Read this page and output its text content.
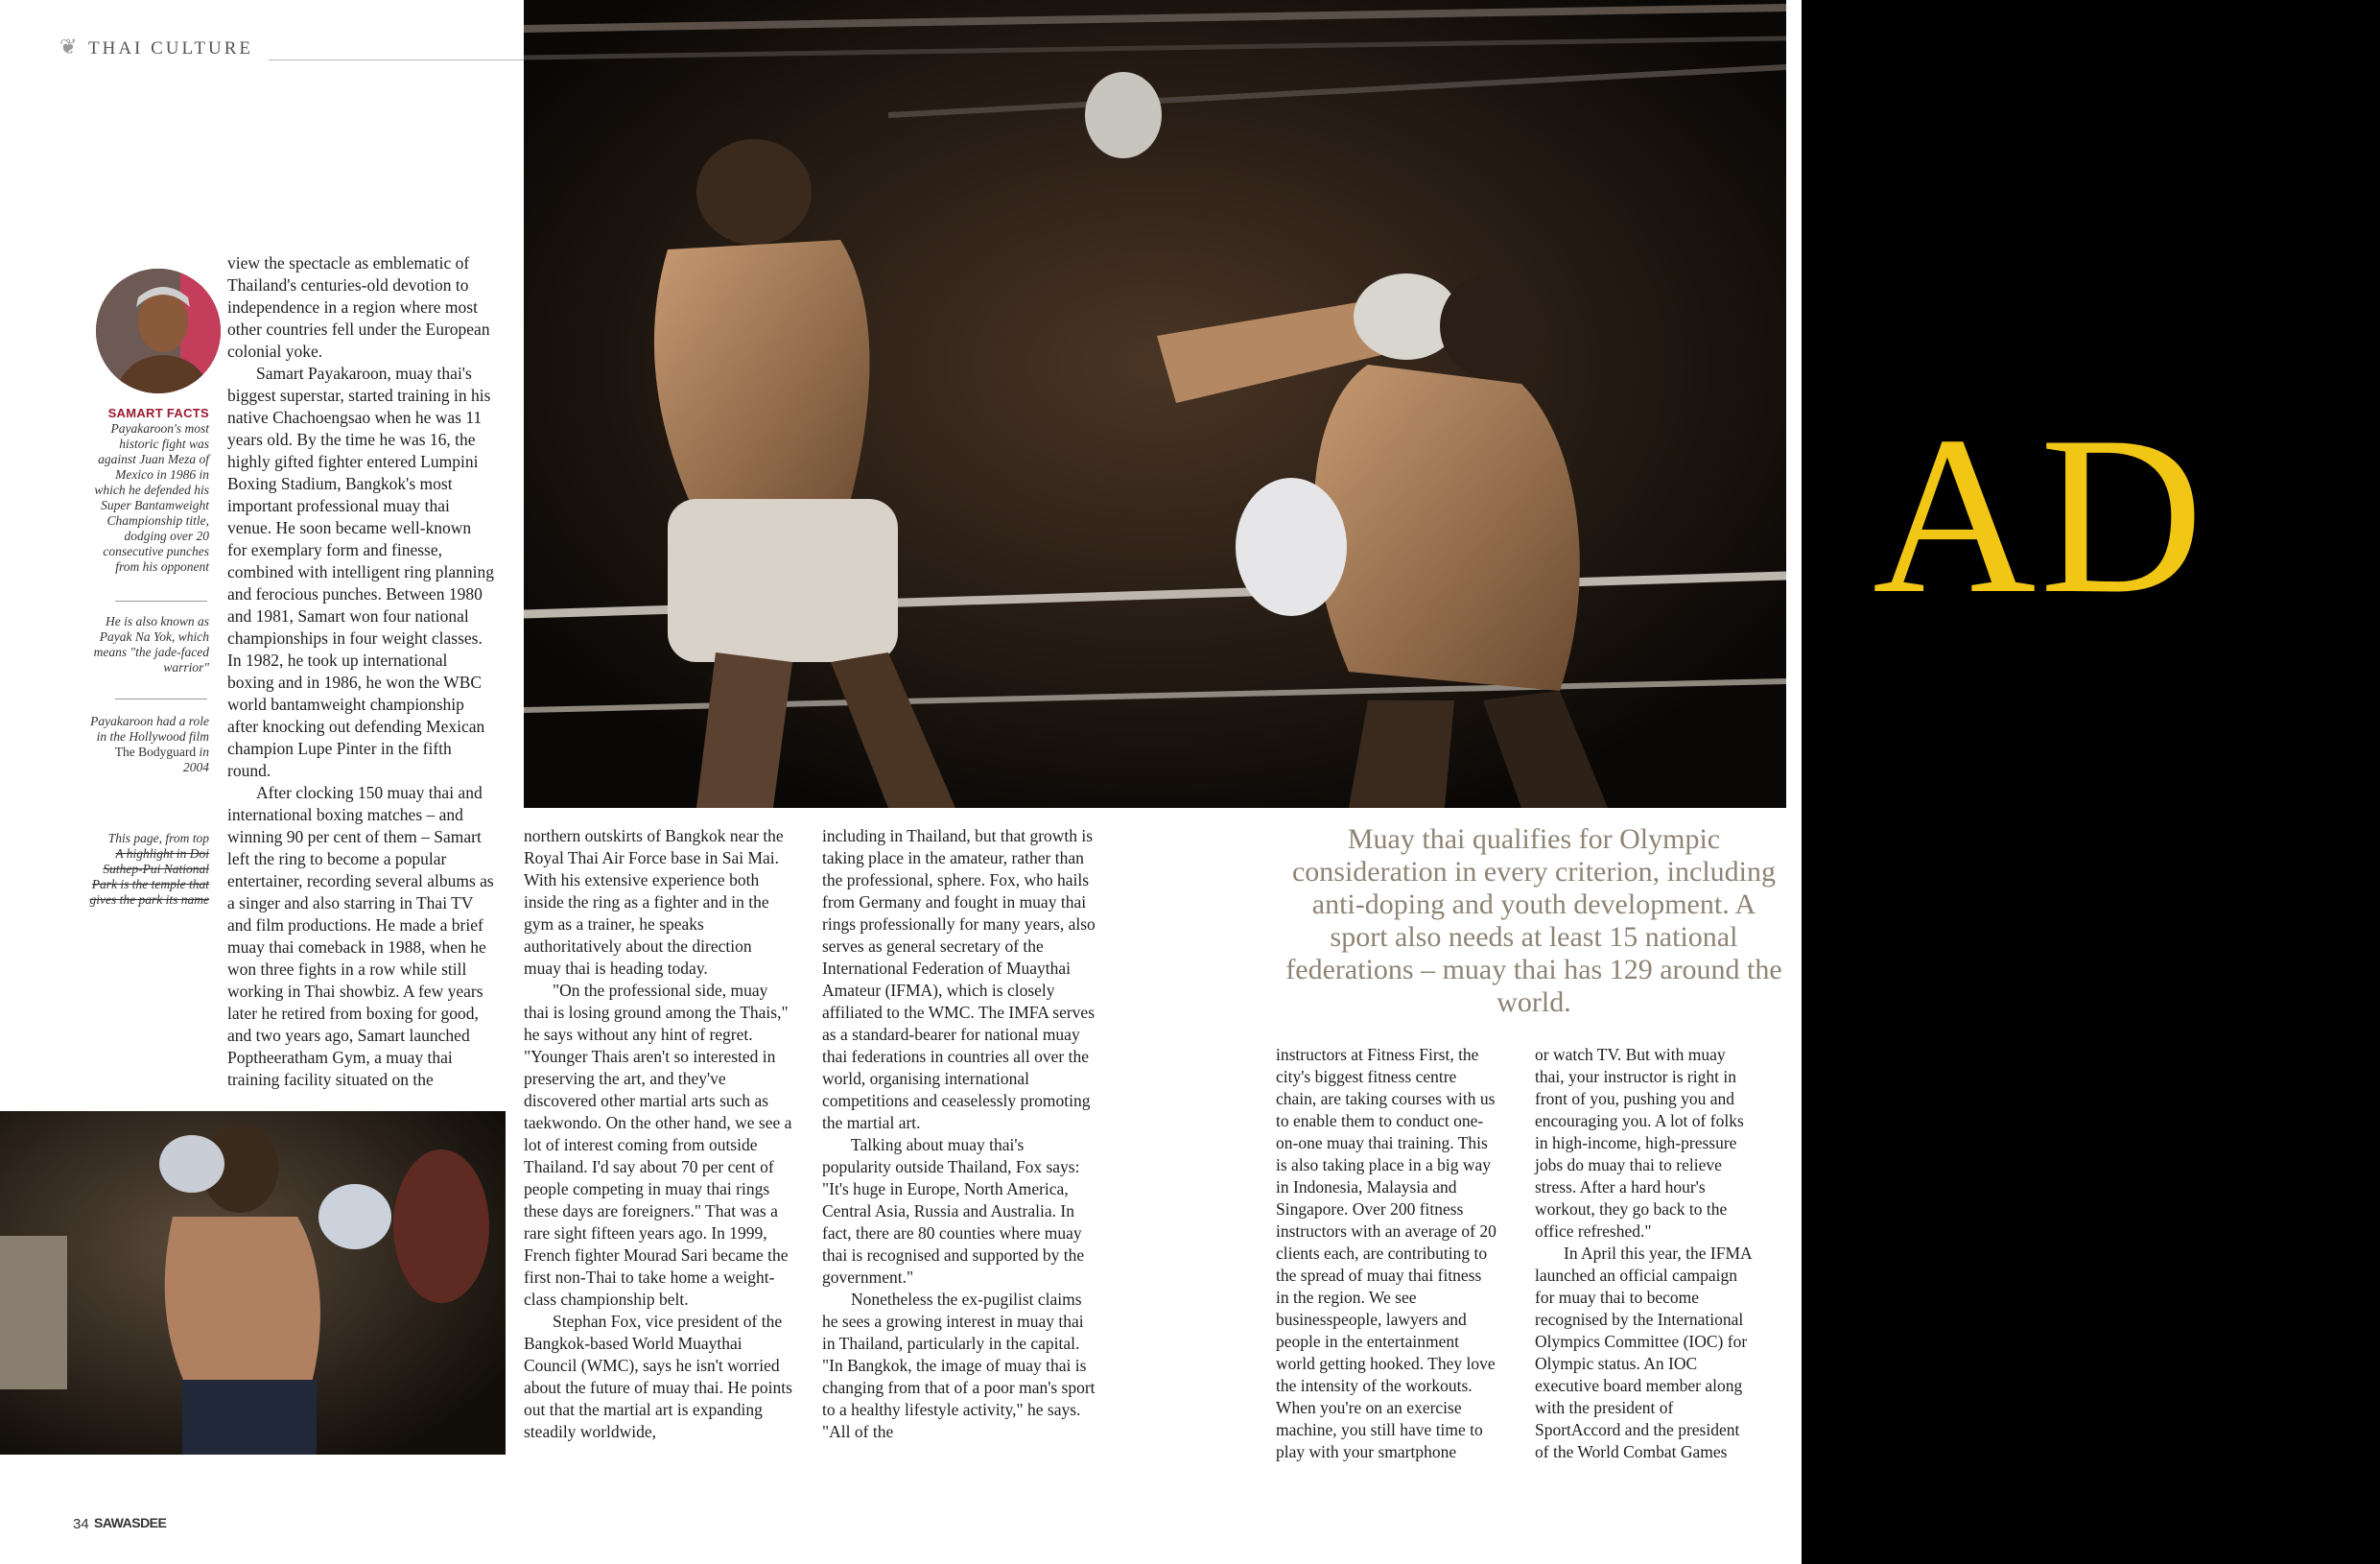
❦ THAI CULTURE
SAMART FACTS
Payakaroon's most historic fight was against Juan Meza of Mexico in 1986 in which he defended his Super Bantamweight Championship title, dodging over 20 consecutive punches from his opponent
He is also known as Payak Na Yok, which means "the jade-faced warrior"
Payakaroon had a role in the Hollywood film The Bodyguard in 2004
This page, from top
A highlight in Doi Suthep-Pui National Park is the temple that gives the park its name

view the spectacle as emblematic of Thailand's centuries-old devotion to independence in a region where most other countries fell under the European colonial yoke.

Samart Payakaroon, muay thai's biggest superstar, started training in his native Chachoengsao when he was 11 years old. By the time he was 16, the highly gifted fighter entered Lumpini Boxing Stadium, Bangkok's most important professional muay thai venue. He soon became well-known for exemplary form and finesse, combined with intelligent ring planning and ferocious punches. Between 1980 and 1981, Samart won four national championships in four weight classes. In 1982, he took up international boxing and in 1986, he won the WBC world bantamweight championship after knocking out defending Mexican champion Lupe Pinter in the fifth round.

After clocking 150 muay thai and international boxing matches – and winning 90 per cent of them – Samart left the ring to become a popular entertainer, recording several albums as a singer and also starring in Thai TV and film productions. He made a brief muay thai comeback in 1988, when he won three fights in a row while still working in Thai showbiz. A few years later he retired from boxing for good, and two years ago, Samart launched Poptheeratham Gym, a muay thai training facility situated on the

northern outskirts of Bangkok near the Royal Thai Air Force base in Sai Mai. With his extensive experience both inside the ring as a fighter and in the gym as a trainer, he speaks authoritatively about the direction muay thai is heading today.

"On the professional side, muay thai is losing ground among the Thais," he says without any hint of regret. "Younger Thais aren't so interested in preserving the art, and they've discovered other martial arts such as taekwondo. On the other hand, we see a lot of interest coming from outside Thailand. I'd say about 70 per cent of people competing in muay thai rings these days are foreigners." That was a rare sight fifteen years ago. In 1999, French fighter Mourad Sari became the first non-Thai to take home a weight-class championship belt.

Stephan Fox, vice president of the Bangkok-based World Muaythai Council (WMC), says he isn't worried about the future of muay thai. He points out that the martial art is expanding steadily worldwide,

including in Thailand, but that growth is taking place in the amateur, rather than the professional, sphere. Fox, who hails from Germany and fought in muay thai rings professionally for many years, also serves as general secretary of the International Federation of Muaythai Amateur (IFMA), which is closely affiliated to the WMC. The IMFA serves as a standard-bearer for national muay thai federations in countries all over the world, organising international competitions and ceaselessly promoting the martial art.

Talking about muay thai's popularity outside Thailand, Fox says: "It's huge in Europe, North America, Central Asia, Russia and Australia. In fact, there are 80 counties where muay thai is recognised and supported by the government."

Nonetheless the ex-pugilist claims he sees a growing interest in muay thai in Thailand, particularly in the capital. "In Bangkok, the image of muay thai is changing from that of a poor man's sport to a healthy lifestyle activity," he says. "All of the

Muay thai qualifies for Olympic consideration in every criterion, including anti-doping and youth development. A sport also needs at least 15 national federations – muay thai has 129 around the world.

instructors at Fitness First, the city's biggest fitness centre chain, are taking courses with us to enable them to conduct one-on-one muay thai training. This is also taking place in a big way in Indonesia, Malaysia and Singapore. Over 200 fitness instructors with an average of 20 clients each, are contributing to the spread of muay thai fitness in the region. We see businesspeople, lawyers and people in the entertainment world getting hooked. They love the intensity of the workouts. When you're on an exercise machine, you still have time to play with your smartphone

or watch TV. But with muay thai, your instructor is right in front of you, pushing you and encouraging you. A lot of folks in high-income, high-pressure jobs do muay thai to relieve stress. After a hard hour's workout, they go back to the office refreshed."

In April this year, the IFMA launched an official campaign for muay thai to become recognised by the International Olympics Committee (IOC) for Olympic status. An IOC executive board member along with the president of SportAccord and the president of the World Combat Games

34 SAWASDEE
AD
